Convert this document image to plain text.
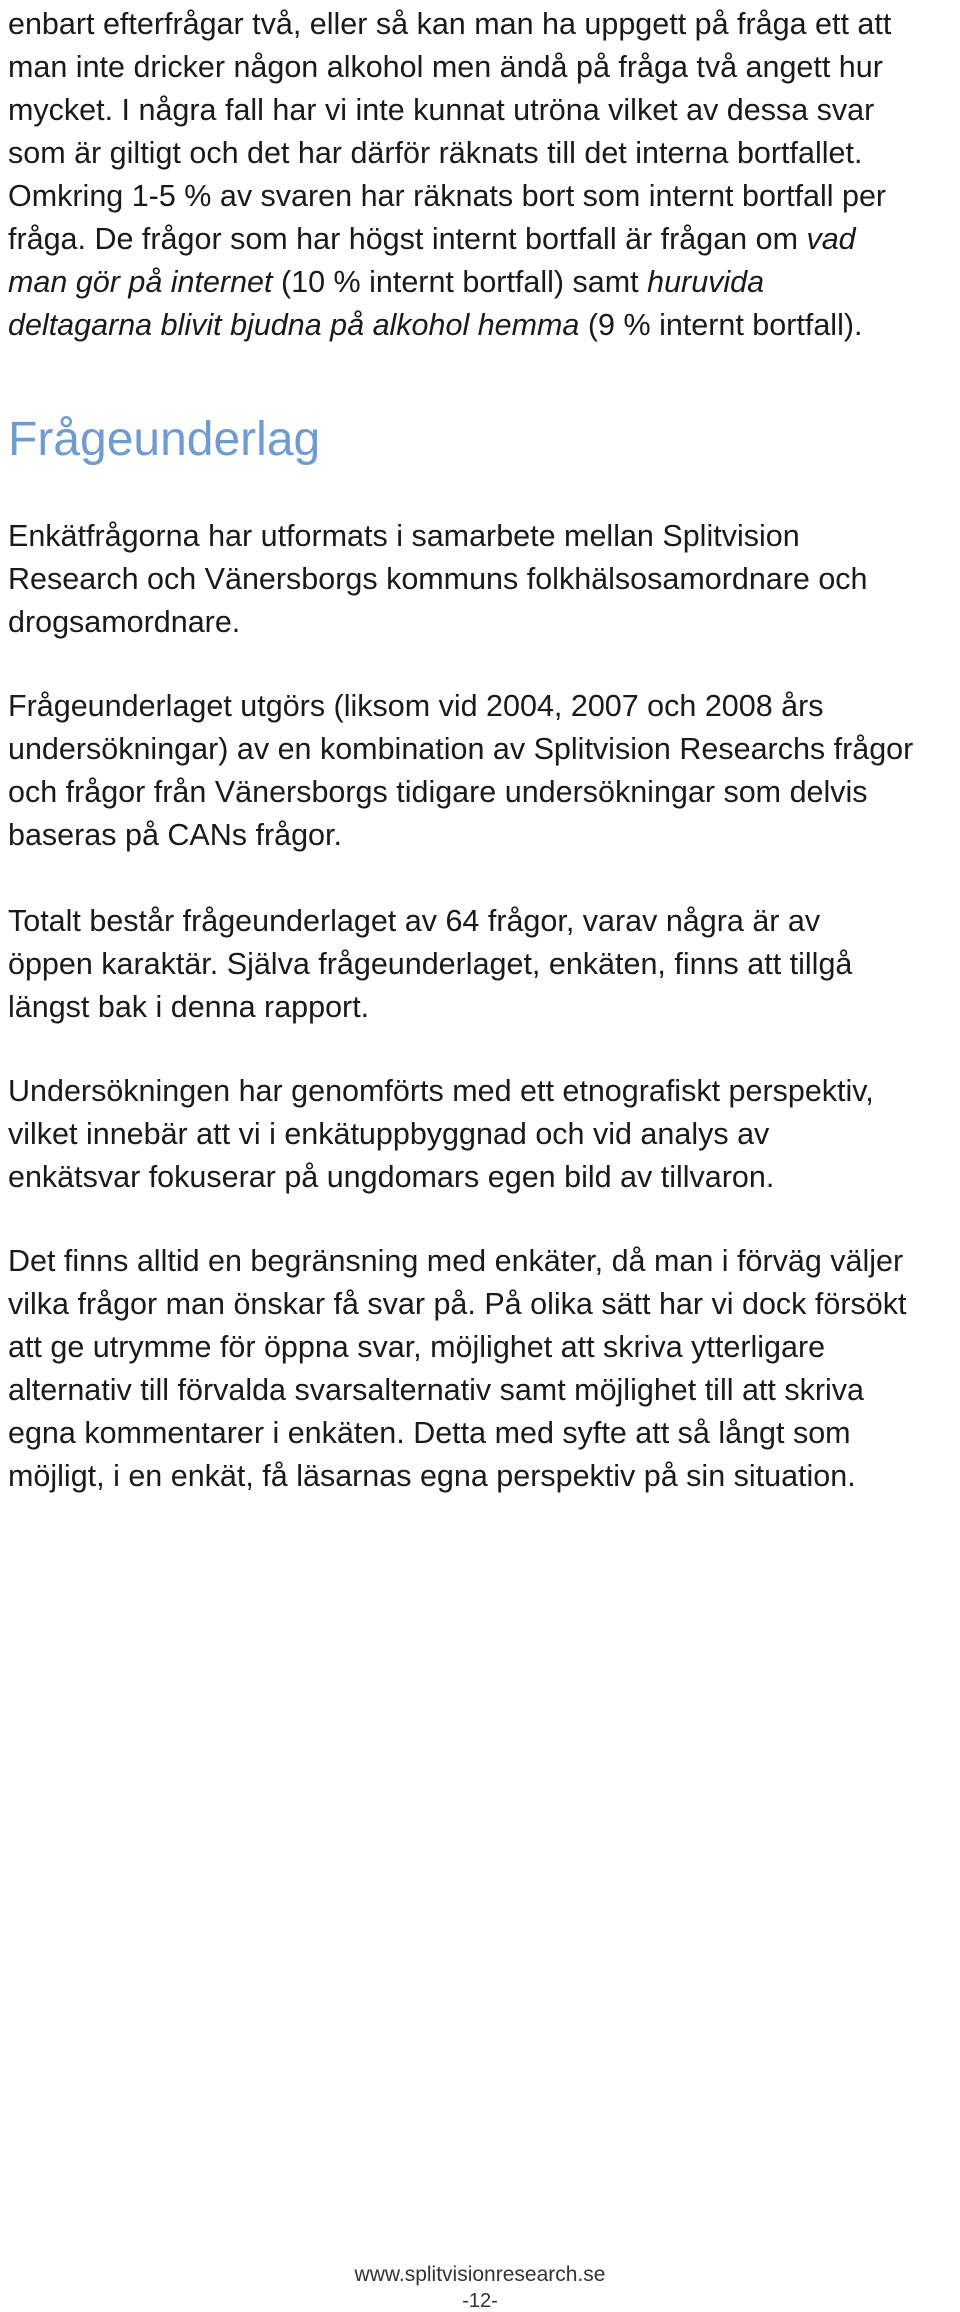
enbart efterfrågar två, eller så kan man ha uppgett på fråga ett att
man inte dricker någon alkohol men ändå på fråga två angett hur
mycket. I några fall har vi inte kunnat utröna vilket av dessa svar
som är giltigt och det har därför räknats till det interna bortfallet.
Omkring 1-5 % av svaren har räknats bort som internt bortfall per
fråga. De frågor som har högst internt bortfall är frågan om vad
man gör på internet (10 % internt bortfall) samt huruvida
deltagarna blivit bjudna på alkohol hemma (9 % internt bortfall).
Frågeunderlag
Enkätfrågorna har utformats i samarbete mellan Splitvision
Research och Vänersborgs kommuns folkhälsosamordnare och
drogsamordnare.
Frågeunderlaget utgörs (liksom vid 2004, 2007 och 2008 års
undersökningar) av en kombination av Splitvision Researchs frågor
och frågor från Vänersborgs tidigare undersökningar som delvis
baseras på CANs frågor.
Totalt består frågeunderlaget av 64 frågor, varav några är av
öppen karaktär. Själva frågeunderlaget, enkäten, finns att tillgå
längst bak i denna rapport.
Undersökningen har genomförts med ett etnografiskt perspektiv,
vilket innebär att vi i enkätuppbyggnad och vid analys av
enkätsvar fokuserar på ungdomars egen bild av tillvaron.
Det finns alltid en begränsning med enkäter, då man i förväg väljer
vilka frågor man önskar få svar på. På olika sätt har vi dock försökt
att ge utrymme för öppna svar, möjlighet att skriva ytterligare
alternativ till förvalda svarsalternativ samt möjlighet till att skriva
egna kommentarer i enkäten. Detta med syfte att så långt som
möjligt, i en enkät, få läsarnas egna perspektiv på sin situation.
www.splitvisionresearch.se
-12-
